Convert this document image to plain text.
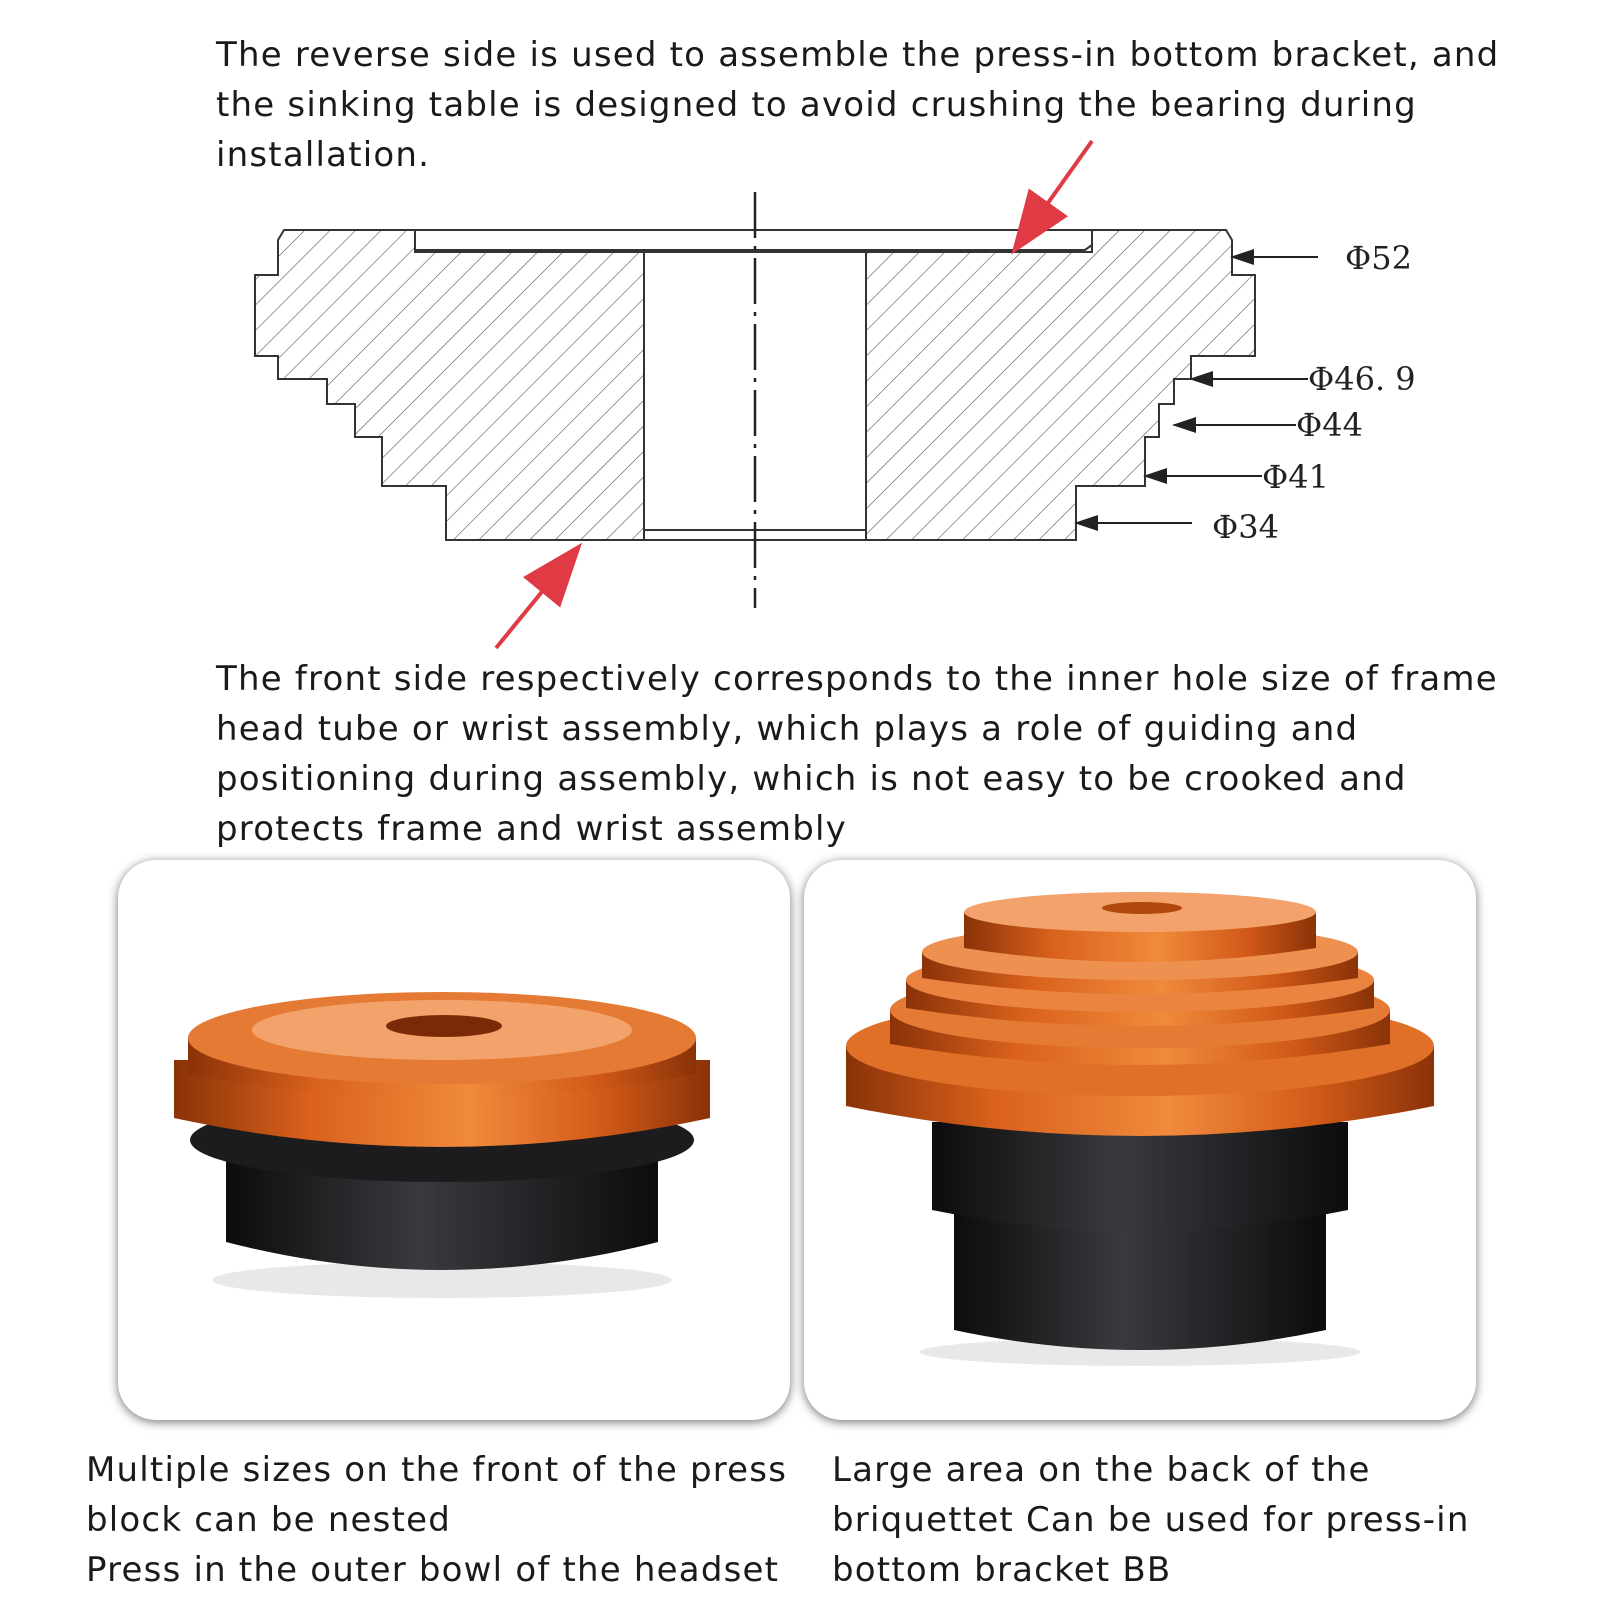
The reverse side is used to assemble the press-in bottom bracket, and
the sinking table is designed to avoid crushing the bearing during
installation.

Φ52
Φ46. 9
Φ44
Φ41
Φ34

The front side respectively corresponds to the inner hole size of frame
head tube or wrist assembly, which plays a role of guiding and
positioning during assembly, which is not easy to be crooked and
protects frame and wrist assembly

Multiple sizes on the front of the press
block can be nested
Press in the outer bowl of the headset

Large area on the back of the
briquettet Can be used for press-in
bottom bracket BB
